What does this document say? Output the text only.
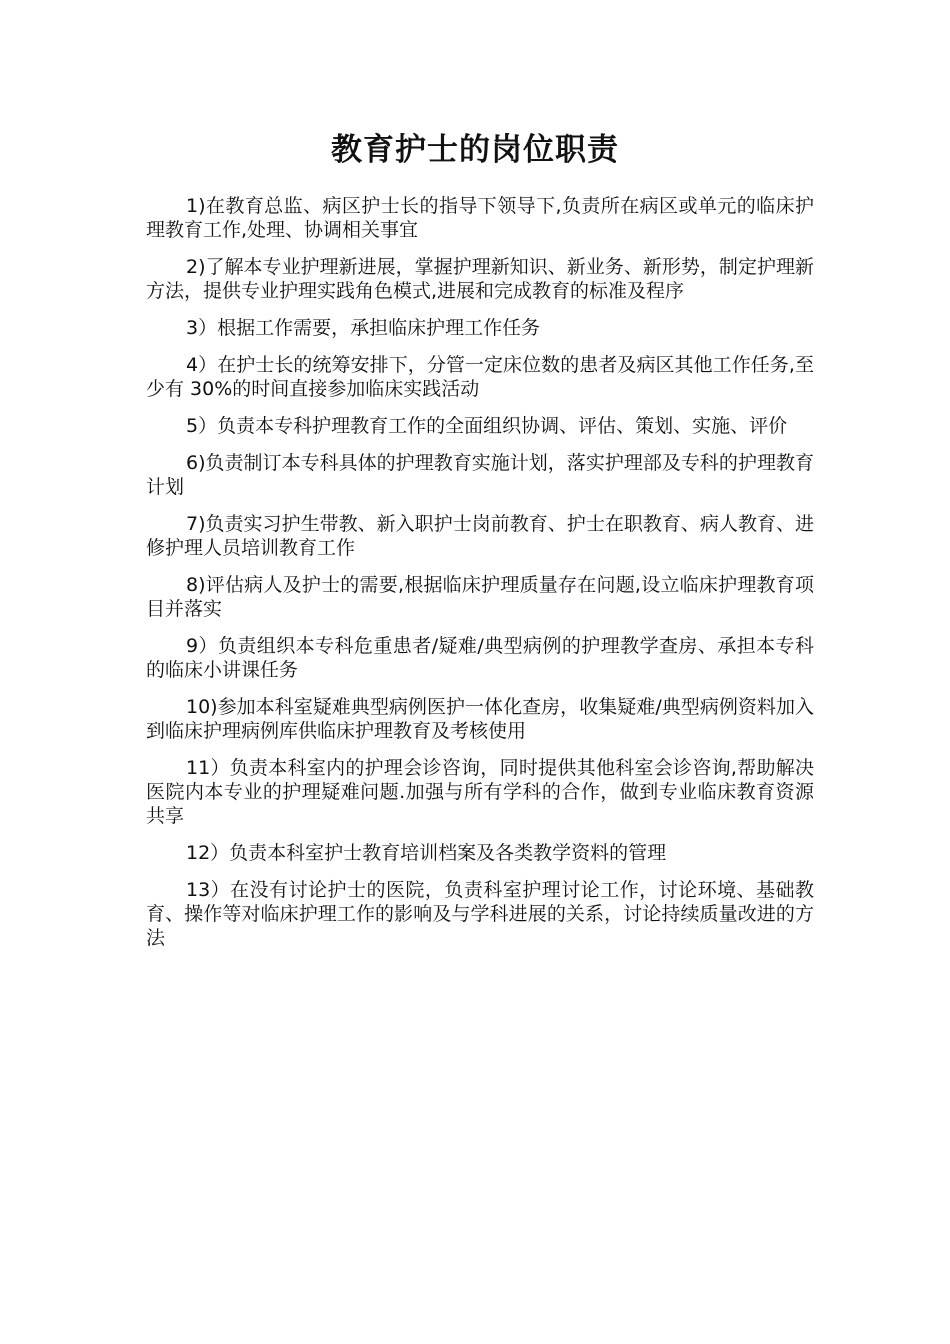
教育护士的岗位职责

1)在教育总监、病区护士长的指导下领导下,负责所在病区或单元的临床护理教育工作,处理、协调相关事宜

2)了解本专业护理新进展，掌握护理新知识、新业务、新形势，制定护理新方法，提供专业护理实践角色模式,进展和完成教育的标准及程序

3）根据工作需要，承担临床护理工作任务

4）在护士长的统筹安排下，分管一定床位数的患者及病区其他工作任务,至少有 30%的时间直接参加临床实践活动

5）负责本专科护理教育工作的全面组织协调、评估、策划、实施、评价

6)负责制订本专科具体的护理教育实施计划，落实护理部及专科的护理教育计划

7)负责实习护生带教、新入职护士岗前教育、护士在职教育、病人教育、进修护理人员培训教育工作

8)评估病人及护士的需要,根据临床护理质量存在问题,设立临床护理教育项目并落实

9）负责组织本专科危重患者/疑难/典型病例的护理教学查房、承担本专科的临床小讲课任务

10)参加本科室疑难典型病例医护一体化查房，收集疑难/典型病例资料加入到临床护理病例库供临床护理教育及考核使用

11）负责本科室内的护理会诊咨询，同时提供其他科室会诊咨询,帮助解决医院内本专业的护理疑难问题.加强与所有学科的合作，做到专业临床教育资源共享

12）负责本科室护士教育培训档案及各类教学资料的管理

13）在没有讨论护士的医院，负责科室护理讨论工作，讨论环境、基础教育、操作等对临床护理工作的影响及与学科进展的关系，讨论持续质量改进的方法
